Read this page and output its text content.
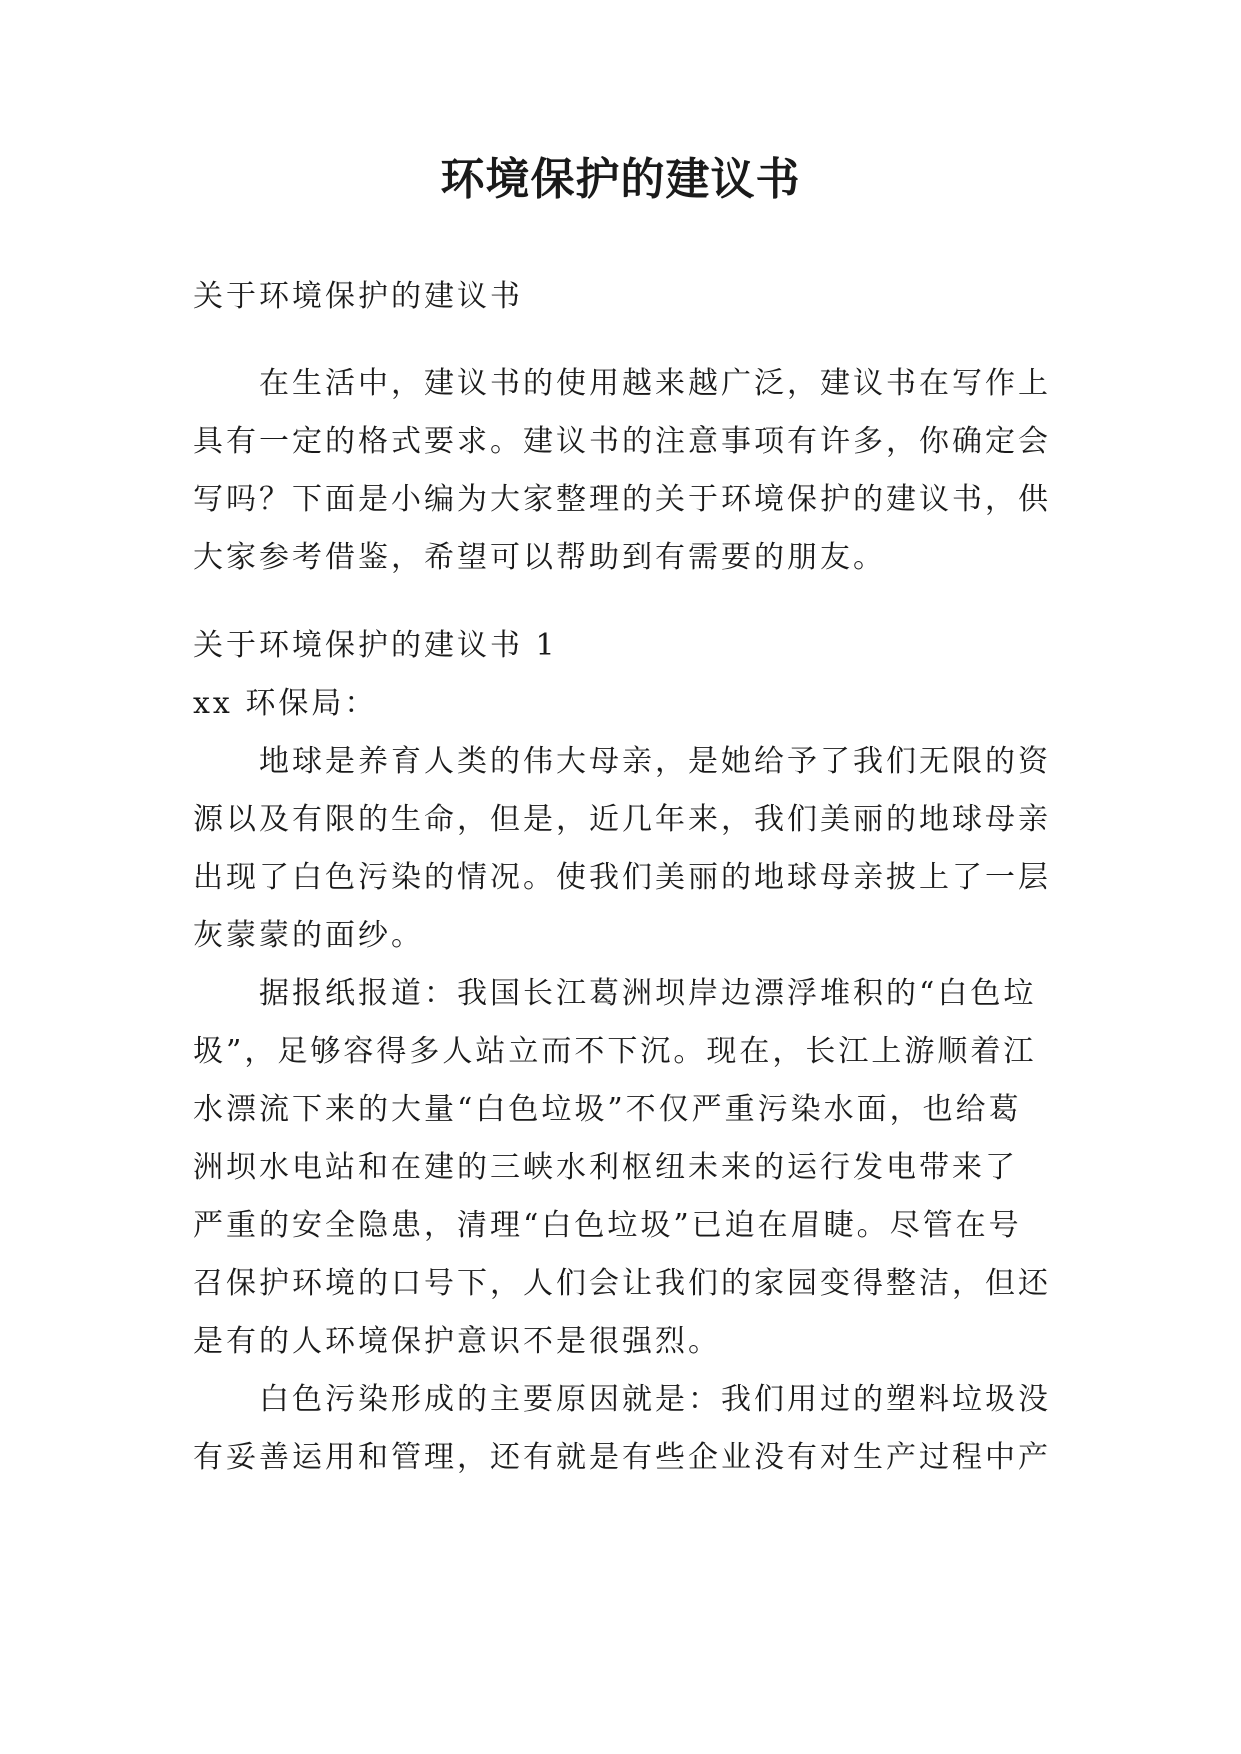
环境保护的建议书
关于环境保护的建议书
在生活中，建议书的使用越来越广泛，建议书在写作上
具有一定的格式要求。建议书的注意事项有许多，你确定会
写吗？下面是小编为大家整理的关于环境保护的建议书，供
大家参考借鉴，希望可以帮助到有需要的朋友。
关于环境保护的建议书 1
xx 环保局：
地球是养育人类的伟大母亲，是她给予了我们无限的资
源以及有限的生命，但是，近几年来，我们美丽的地球母亲
出现了白色污染的情况。使我们美丽的地球母亲披上了一层
灰蒙蒙的面纱。
据报纸报道：我国长江葛洲坝岸边漂浮堆积的“白色垃
圾”，足够容得多人站立而不下沉。现在，长江上游顺着江
水漂流下来的大量“白色垃圾”不仅严重污染水面，也给葛
洲坝水电站和在建的三峡水利枢纽未来的运行发电带来了
严重的安全隐患，清理“白色垃圾”已迫在眉睫。尽管在号
召保护环境的口号下，人们会让我们的家园变得整洁，但还
是有的人环境保护意识不是很强烈。
白色污染形成的主要原因就是：我们用过的塑料垃圾没
有妥善运用和管理，还有就是有些企业没有对生产过程中产
